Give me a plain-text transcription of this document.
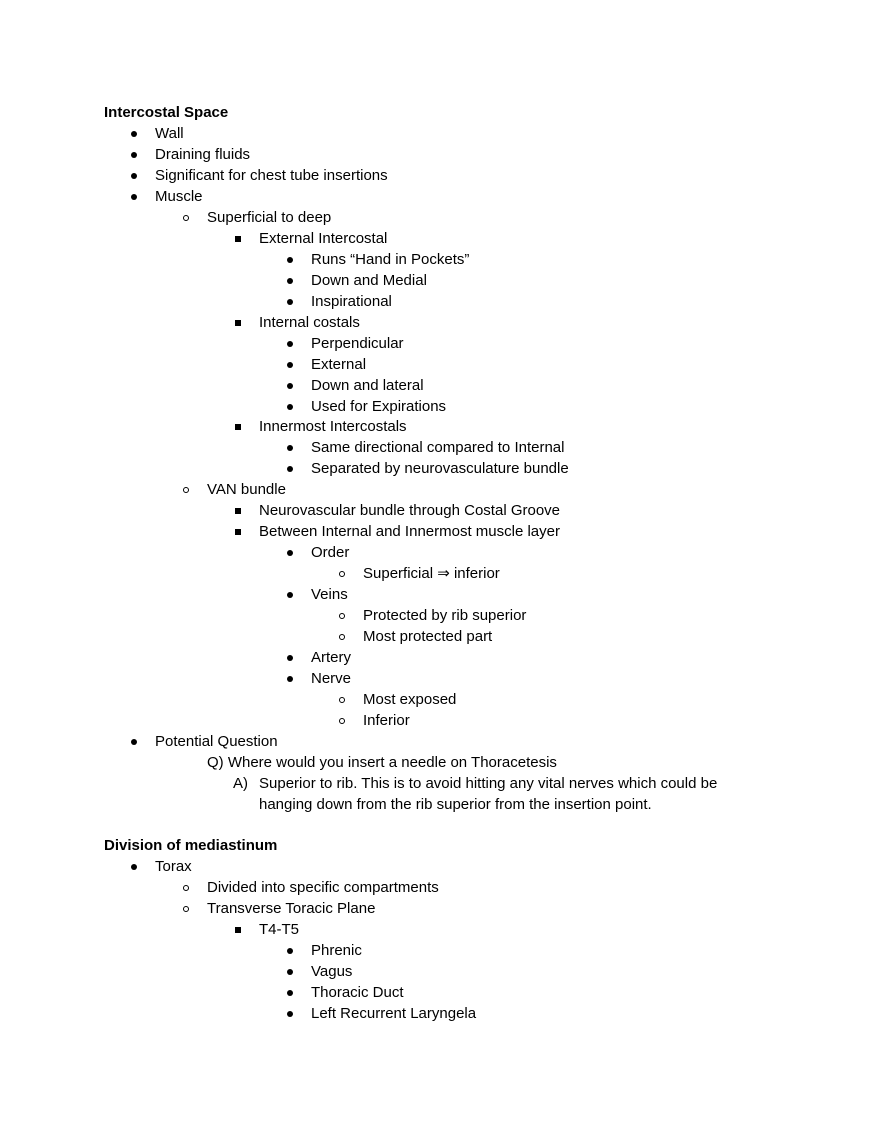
Intercostal Space
Wall
Draining fluids
Significant for chest tube insertions
Muscle
Superficial to deep
External Intercostal
Runs “Hand in Pockets”
Down and Medial
Inspirational
Internal costals
Perpendicular
External
Down and lateral
Used for Expirations
Innermost Intercostals
Same directional compared to Internal
Separated by neurovasculature bundle
VAN bundle
Neurovascular bundle through Costal Groove
Between Internal and Innermost muscle layer
Order
Superficial ⇒ inferior
Veins
Protected by rib superior
Most protected part
Artery
Nerve
Most exposed
Inferior
Potential Question
Q) Where would you insert a needle on Thoracetesis
A) Superior to rib. This is to avoid hitting any vital nerves which could be hanging down from the rib superior from the insertion point.
Division of mediastinum
Torax
Divided into specific compartments
Transverse Toracic Plane
T4-T5
Phrenic
Vagus
Thoracic Duct
Left Recurrent Laryngela
